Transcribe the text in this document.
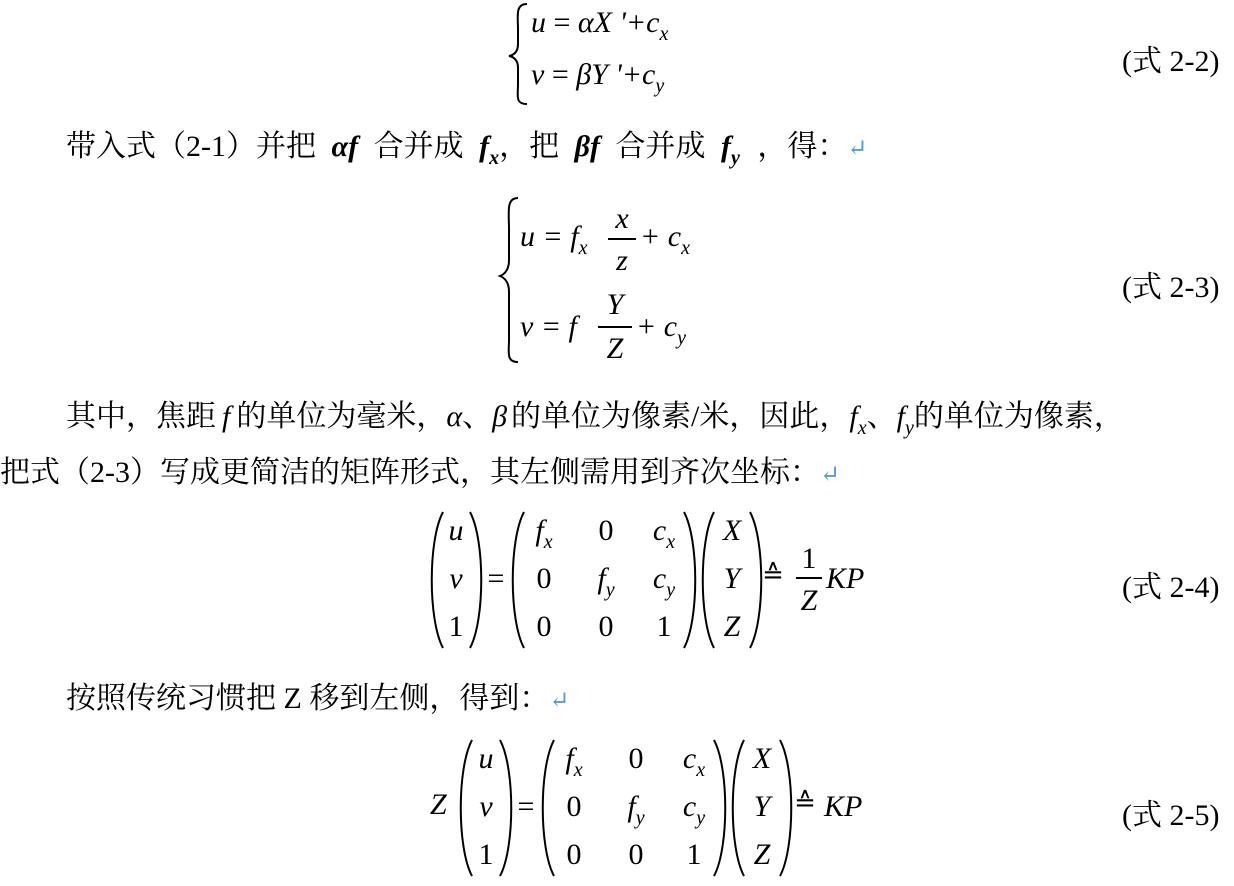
u = αX '$+c_x$
v = βY '$+c_y$
(式 2-2)
带入式（2-1）并把 αf 合并成 $f_x$，把 βf 合并成 $f_y$ ，得：↵
$u = f_x$
x
z
+ $c_x$
v = f
Y
Z
+ $c_y$
(式 2-3)
其中，焦距 f 的单位为毫米，α、β 的单位为像素/米，因此，$f_x$、$f_y$的单位为像素，
把式（2-3）写成更简洁的矩阵形式，其左侧需用到齐次坐标：↵
u
v
1
=
$f_x$	0	$c_x$
0	$f_y$	$c_y$
0	0	1
X
Y
Z
≙ 1
Z
KP	(式 2-4)
按照传统习惯把 Z 移到左侧，得到：↵
Z
u
v
1
=
$f_x$	0	$c_x$
0	$f_y$	$c_y$
0	0	1
X
Y
Z
≙ KP	(式 2-5)
